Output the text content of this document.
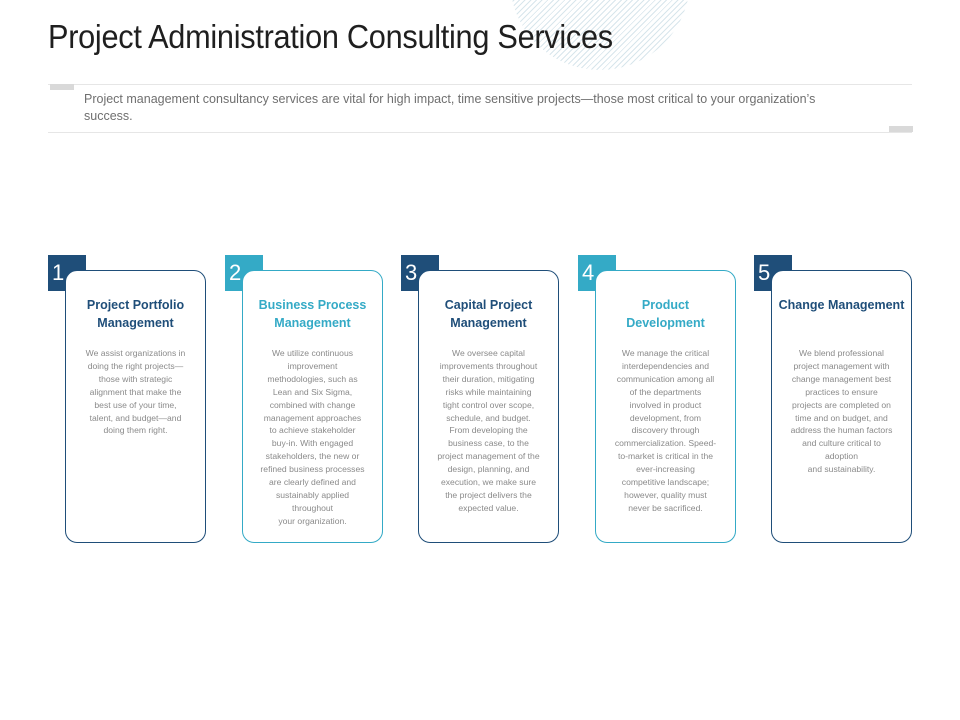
Project Administration Consulting Services
Project management consultancy services are vital for high impact, time sensitive projects—those most critical to your organization’s success.
1
Project Portfolio Management
We assist organizations in
doing the right projects—
those with strategic
alignment that make the
best use of your time,
talent, and budget—and
doing them right.
2
Business Process Management
We utilize continuous
improvement
methodologies, such as
Lean and Six Sigma,
combined with change
management approaches
to achieve stakeholder
buy-in. With engaged
stakeholders, the new or
refined business processes
are clearly defined and
sustainably applied
throughout
your organization.
3
Capital Project Management
We oversee capital
improvements throughout
their duration, mitigating
risks while maintaining
tight control over scope,
schedule, and budget.
From developing the
business case, to the
project management of the
design, planning, and
execution, we make sure
the project delivers the
expected value.
4
Product Development
We manage the critical
interdependencies and
communication among all
of the departments
involved in product
development, from
discovery through
commercialization. Speed-
to-market is critical in the
ever-increasing
competitive landscape;
however, quality must
never be sacrificed.
5
Change Management
We blend professional
project management with
change management best
practices to ensure
projects are completed on
time and on budget, and
address the human factors
and culture critical to
adoption
and sustainability.
